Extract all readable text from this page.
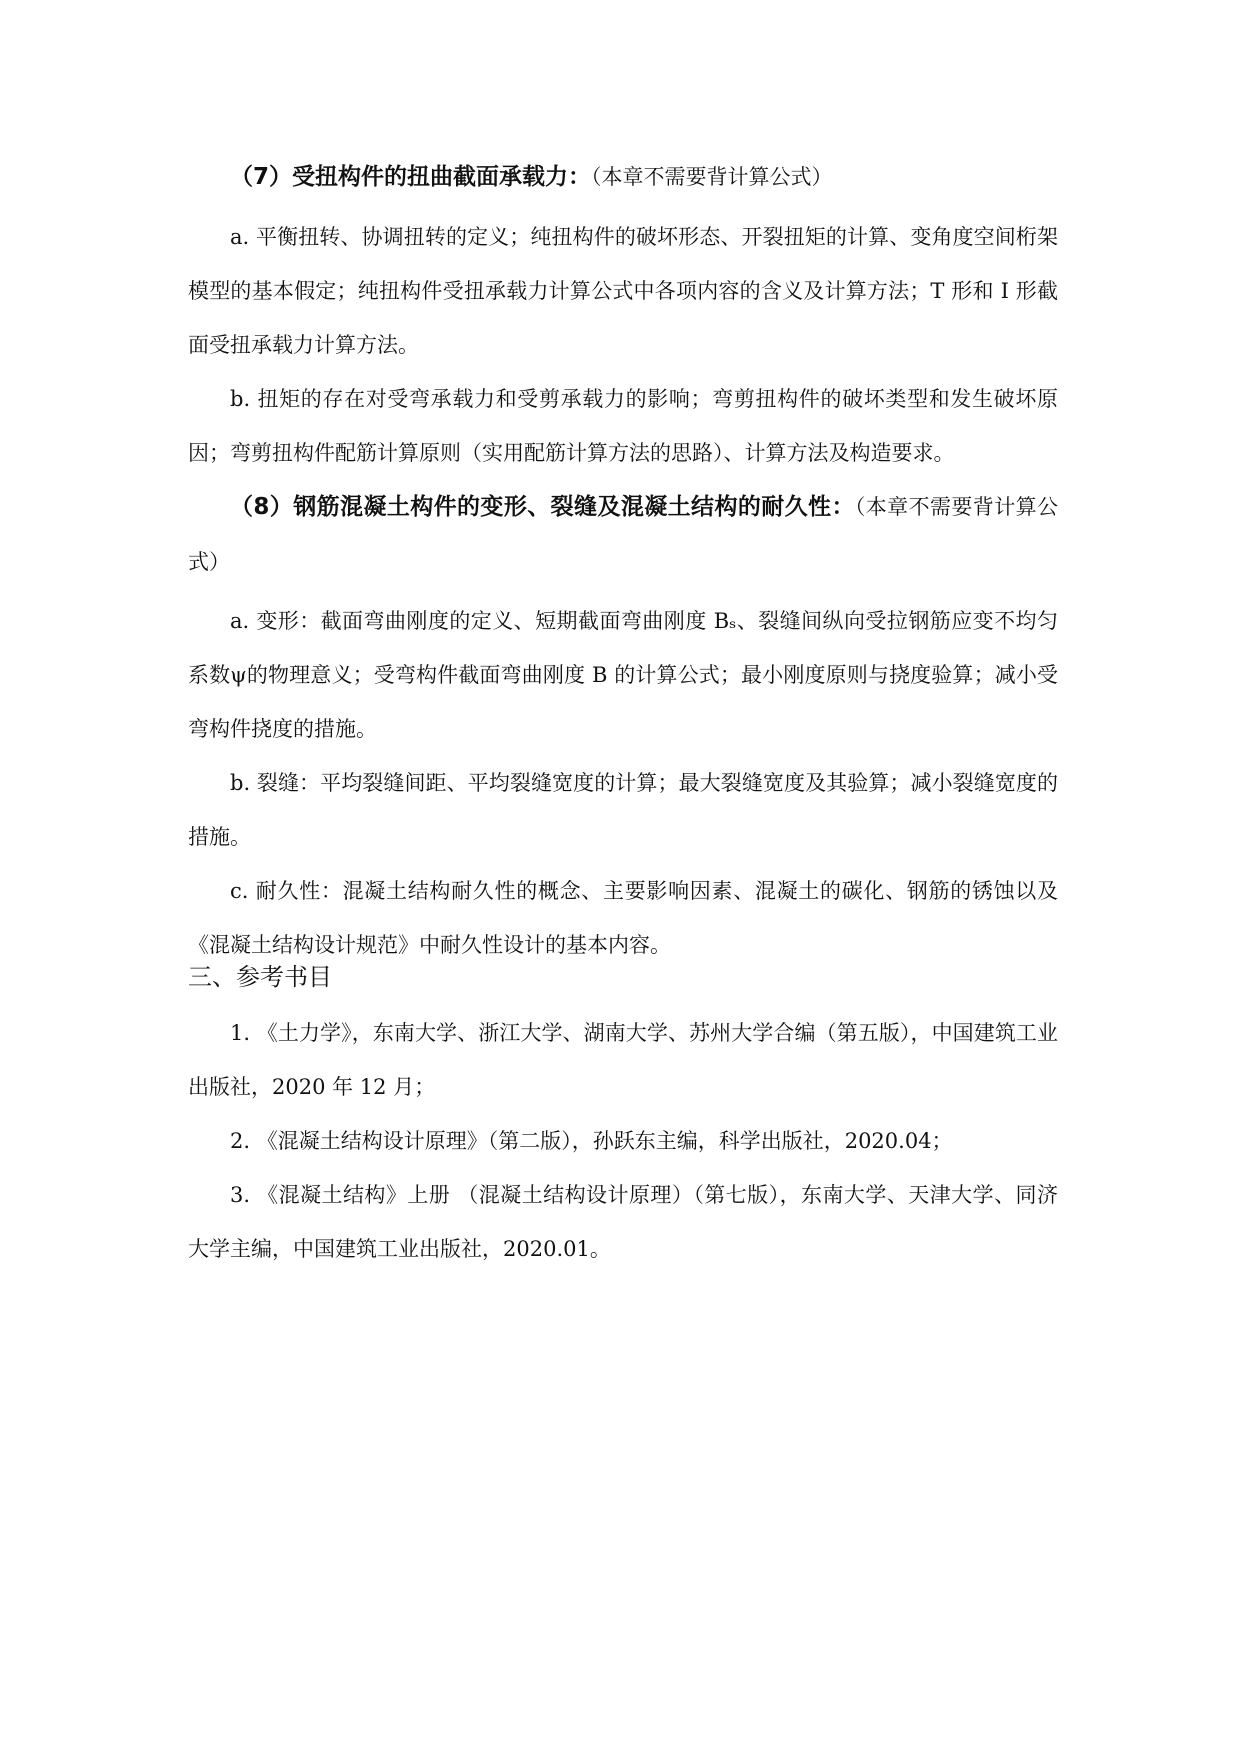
（7）受扭构件的扭曲截面承载力：（本章不需要背计算公式）

a. 平衡扭转、协调扭转的定义；纯扭构件的破坏形态、开裂扭矩的计算、变角度空间桁架模型的基本假定；纯扭构件受扭承载力计算公式中各项内容的含义及计算方法；T 形和 I 形截面受扭承载力计算方法。

b. 扭矩的存在对受弯承载力和受剪承载力的影响；弯剪扭构件的破坏类型和发生破坏原因；弯剪扭构件配筋计算原则（实用配筋计算方法的思路）、计算方法及构造要求。

（8）钢筋混凝土构件的变形、裂缝及混凝土结构的耐久性：（本章不需要背计算公式）

a. 变形：截面弯曲刚度的定义、短期截面弯曲刚度 Bₛ、裂缝间纵向受拉钢筋应变不均匀系数ψ的物理意义；受弯构件截面弯曲刚度 B 的计算公式；最小刚度原则与挠度验算；减小受弯构件挠度的措施。

b. 裂缝：平均裂缝间距、平均裂缝宽度的计算；最大裂缝宽度及其验算；减小裂缝宽度的措施。

c. 耐久性：混凝土结构耐久性的概念、主要影响因素、混凝土的碳化、钢筋的锈蚀以及《混凝土结构设计规范》中耐久性设计的基本内容。

三、参考书目

1. 《土力学》，东南大学、浙江大学、湖南大学、苏州大学合编（第五版），中国建筑工业出版社，2020 年 12 月；

2. 《混凝土结构设计原理》（第二版），孙跃东主编，科学出版社，2020.04；

3. 《混凝土结构》上册 （混凝土结构设计原理）（第七版），东南大学、天津大学、同济大学主编，中国建筑工业出版社，2020.01。
